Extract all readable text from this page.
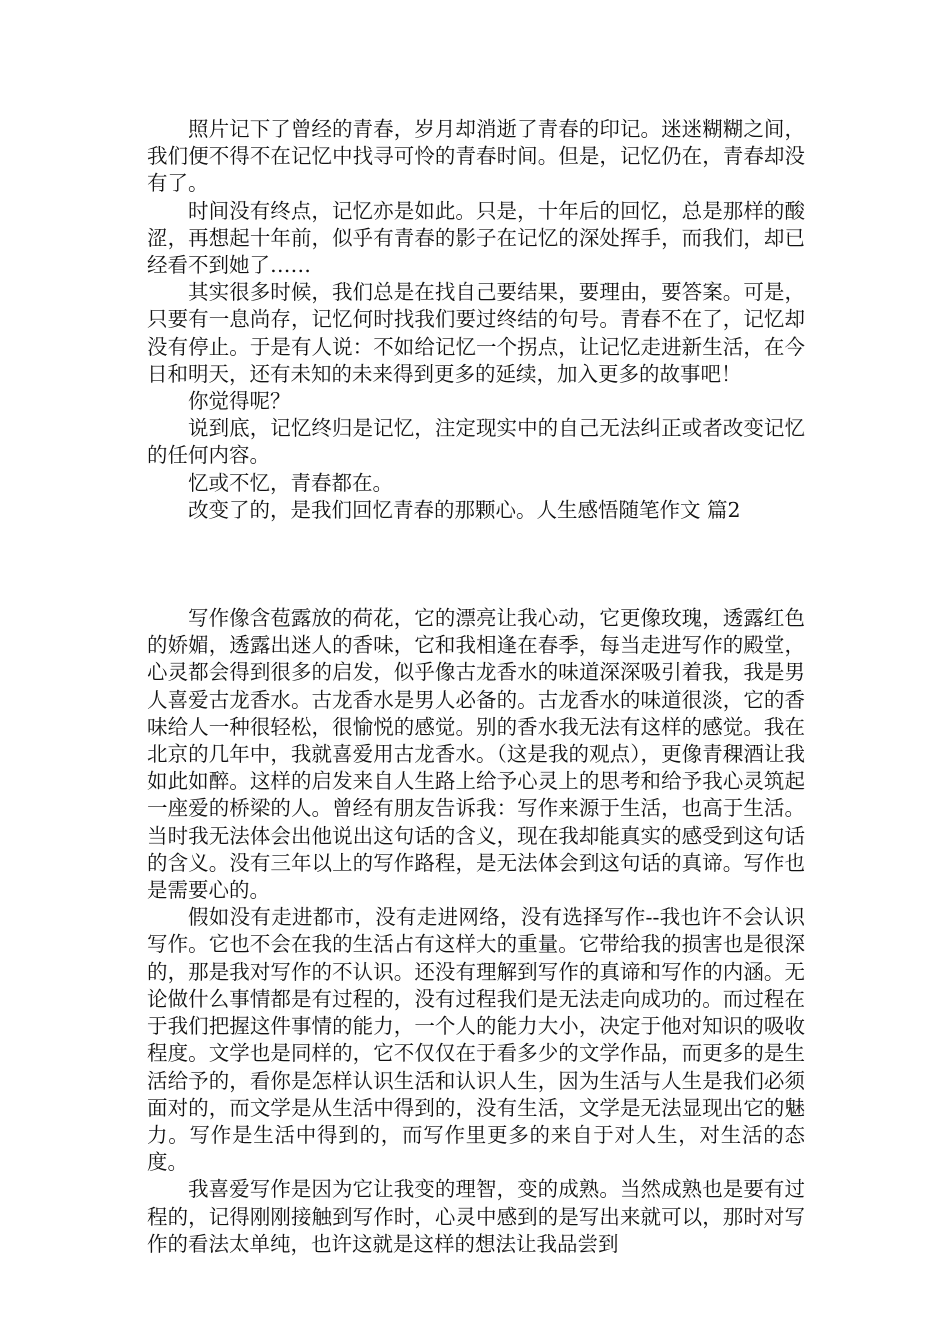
照片记下了曾经的青春，岁月却消逝了青春的印记。迷迷糊糊之间，我们便不得不在记忆中找寻可怜的青春时间。但是，记忆仍在，青春却没有了。

时间没有终点，记忆亦是如此。只是，十年后的回忆，总是那样的酸涩，再想起十年前，似乎有青春的影子在记忆的深处挥手，而我们，却已经看不到她了……

其实很多时候，我们总是在找自己要结果，要理由，要答案。可是，只要有一息尚存，记忆何时找我们要过终结的句号。青春不在了，记忆却没有停止。于是有人说：不如给记忆一个拐点，让记忆走进新生活，在今日和明天，还有未知的未来得到更多的延续，加入更多的故事吧！

你觉得呢？

说到底，记忆终归是记忆，注定现实中的自己无法纠正或者改变记忆的任何内容。

忆或不忆，青春都在。

改变了的，是我们回忆青春的那颗心。人生感悟随笔作文 篇2

写作像含苞露放的荷花，它的漂亮让我心动，它更像玫瑰，透露红色的娇媚，透露出迷人的香味，它和我相逢在春季，每当走进写作的殿堂，心灵都会得到很多的启发，似乎像古龙香水的味道深深吸引着我，我是男人喜爱古龙香水。古龙香水是男人必备的。古龙香水的味道很淡，它的香味给人一种很轻松，很愉悦的感觉。别的香水我无法有这样的感觉。我在北京的几年中，我就喜爱用古龙香水。（这是我的观点），更像青稞酒让我如此如醉。这样的启发来自人生路上给予心灵上的思考和给予我心灵筑起一座爱的桥梁的人。曾经有朋友告诉我：写作来源于生活，也高于生活。当时我无法体会出他说出这句话的含义，现在我却能真实的感受到这句话的含义。没有三年以上的写作路程，是无法体会到这句话的真谛。写作也是需要心的。

假如没有走进都市，没有走进网络，没有选择写作--我也许不会认识写作。它也不会在我的生活占有这样大的重量。它带给我的损害也是很深的，那是我对写作的不认识。还没有理解到写作的真谛和写作的内涵。无论做什么事情都是有过程的，没有过程我们是无法走向成功的。而过程在于我们把握这件事情的能力，一个人的能力大小，决定于他对知识的吸收程度。文学也是同样的，它不仅仅在于看多少的文学作品，而更多的是生活给予的，看你是怎样认识生活和认识人生，因为生活与人生是我们必须面对的，而文学是从生活中得到的，没有生活，文学是无法显现出它的魅力。写作是生活中得到的，而写作里更多的来自于对人生，对生活的态度。

我喜爱写作是因为它让我变的理智，变的成熟。当然成熟也是要有过程的，记得刚刚接触到写作时，心灵中感到的是写出来就可以，那时对写作的看法太单纯，也许这就是这样的想法让我品尝到
